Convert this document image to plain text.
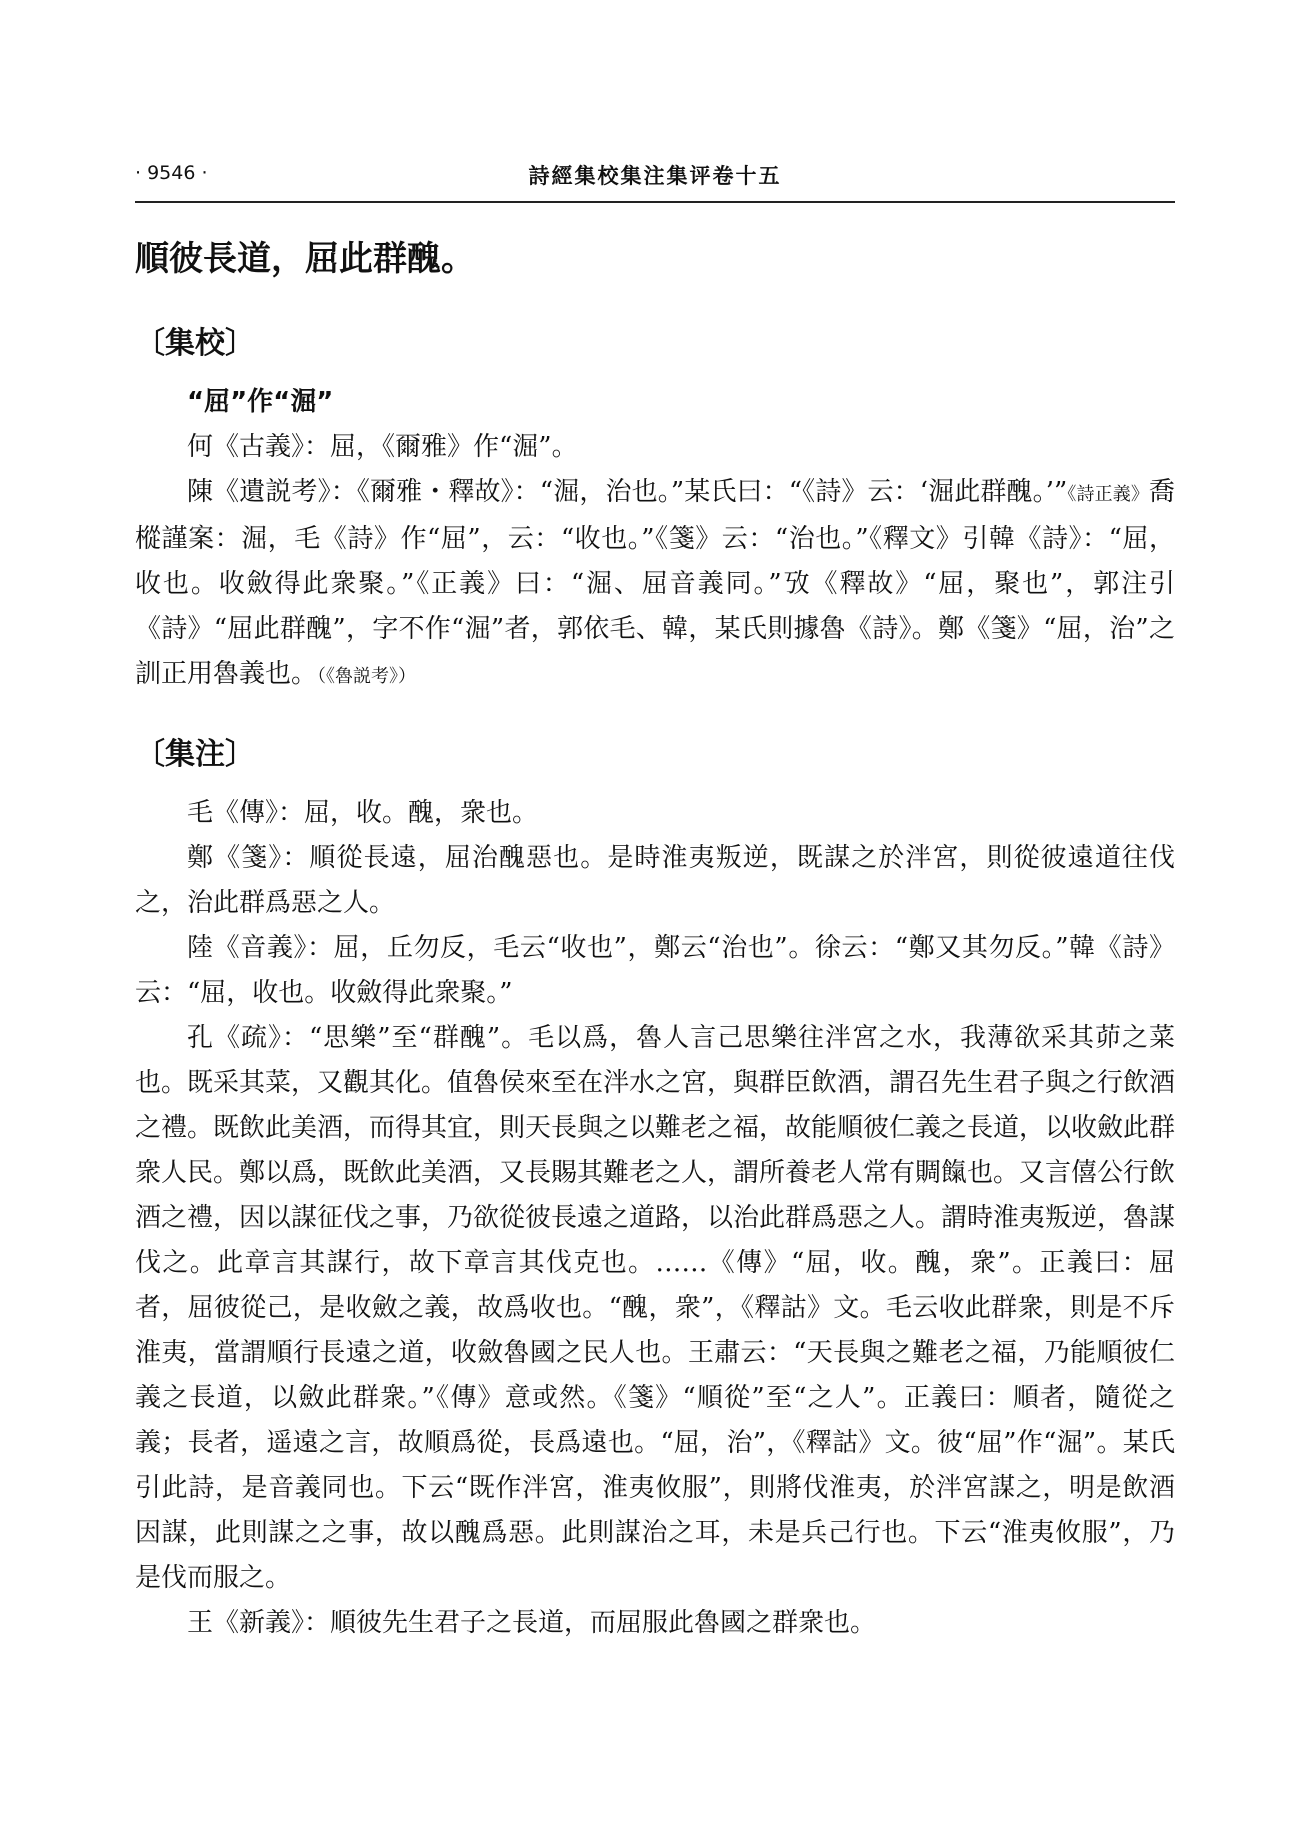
· 9546 ·	詩經集校集注集评卷十五

順彼長道，屈此群醜。

〔集校〕

“屈”作“淈”

何《古義》：屈，《爾雅》作“淈”。

陳《遺説考》：《爾雅・釋故》：“淈，治也。”某氏曰：“《詩》云：‘淈此群醜。’”《詩正義》喬樅謹案：淈，毛《詩》作“屈”，云：“收也。”《箋》云：“治也。”《釋文》引韓《詩》：“屈，收也。收斂得此衆聚。”《正義》曰：“淈、屈音義同。”攷《釋故》“屈，聚也”，郭注引《詩》“屈此群醜”，字不作“淈”者，郭依毛、韓，某氏則據魯《詩》。鄭《箋》“屈，治”之訓正用魯義也。（《魯説考》）

〔集注〕

毛《傳》：屈，收。醜，衆也。

鄭《箋》：順從長遠，屈治醜惡也。是時淮夷叛逆，既謀之於泮宮，則從彼遠道往伐之，治此群爲惡之人。

陸《音義》：屈，丘勿反，毛云“收也”，鄭云“治也”。徐云：“鄭又其勿反。”韓《詩》云：“屈，收也。收斂得此衆聚。”

孔《疏》：“思樂”至“群醜”。毛以爲，魯人言己思樂往泮宮之水，我薄欲采其茆之菜也。既采其菜，又觀其化。值魯侯來至在泮水之宮，與群臣飲酒，謂召先生君子與之行飲酒之禮。既飲此美酒，而得其宜，則天長與之以難老之福，故能順彼仁義之長道，以收斂此群衆人民。鄭以爲，既飲此美酒，又長賜其難老之人，謂所養老人常有賙餼也。又言僖公行飲酒之禮，因以謀征伐之事，乃欲從彼長遠之道路，以治此群爲惡之人。謂時淮夷叛逆，魯謀伐之。此章言其謀行，故下章言其伐克也。……《傳》“屈，收。醜，衆”。正義曰：屈者，屈彼從己，是收斂之義，故爲收也。“醜，衆”，《釋詁》文。毛云收此群衆，則是不斥淮夷，當謂順行長遠之道，收斂魯國之民人也。王肅云：“天長與之難老之福，乃能順彼仁義之長道，以斂此群衆。”《傳》意或然。《箋》“順從”至“之人”。正義曰：順者，隨從之義；長者，遥遠之言，故順爲從，長爲遠也。“屈，治”，《釋詁》文。彼“屈”作“淈”。某氏引此詩，是音義同也。下云“既作泮宮，淮夷攸服”，則將伐淮夷，於泮宮謀之，明是飲酒因謀，此則謀之之事，故以醜爲惡。此則謀治之耳，未是兵己行也。下云“淮夷攸服”，乃是伐而服之。

王《新義》：順彼先生君子之長道，而屈服此魯國之群衆也。
